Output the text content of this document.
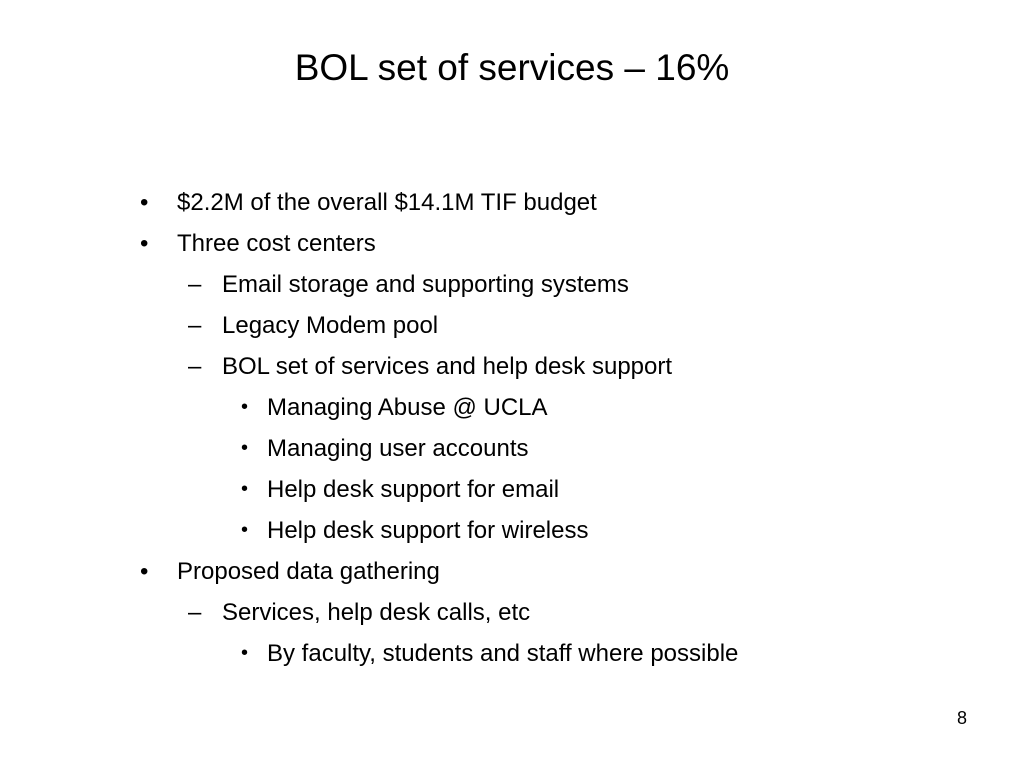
BOL set of services – 16%
• $2.2M of the overall $14.1M TIF budget
• Three cost centers
– Email storage and supporting systems
– Legacy Modem pool
– BOL set of services and help desk support
• Managing Abuse @ UCLA
• Managing user accounts
• Help desk support for email
• Help desk support for wireless
• Proposed data gathering
– Services, help desk calls, etc
• By faculty, students and staff where possible
8
